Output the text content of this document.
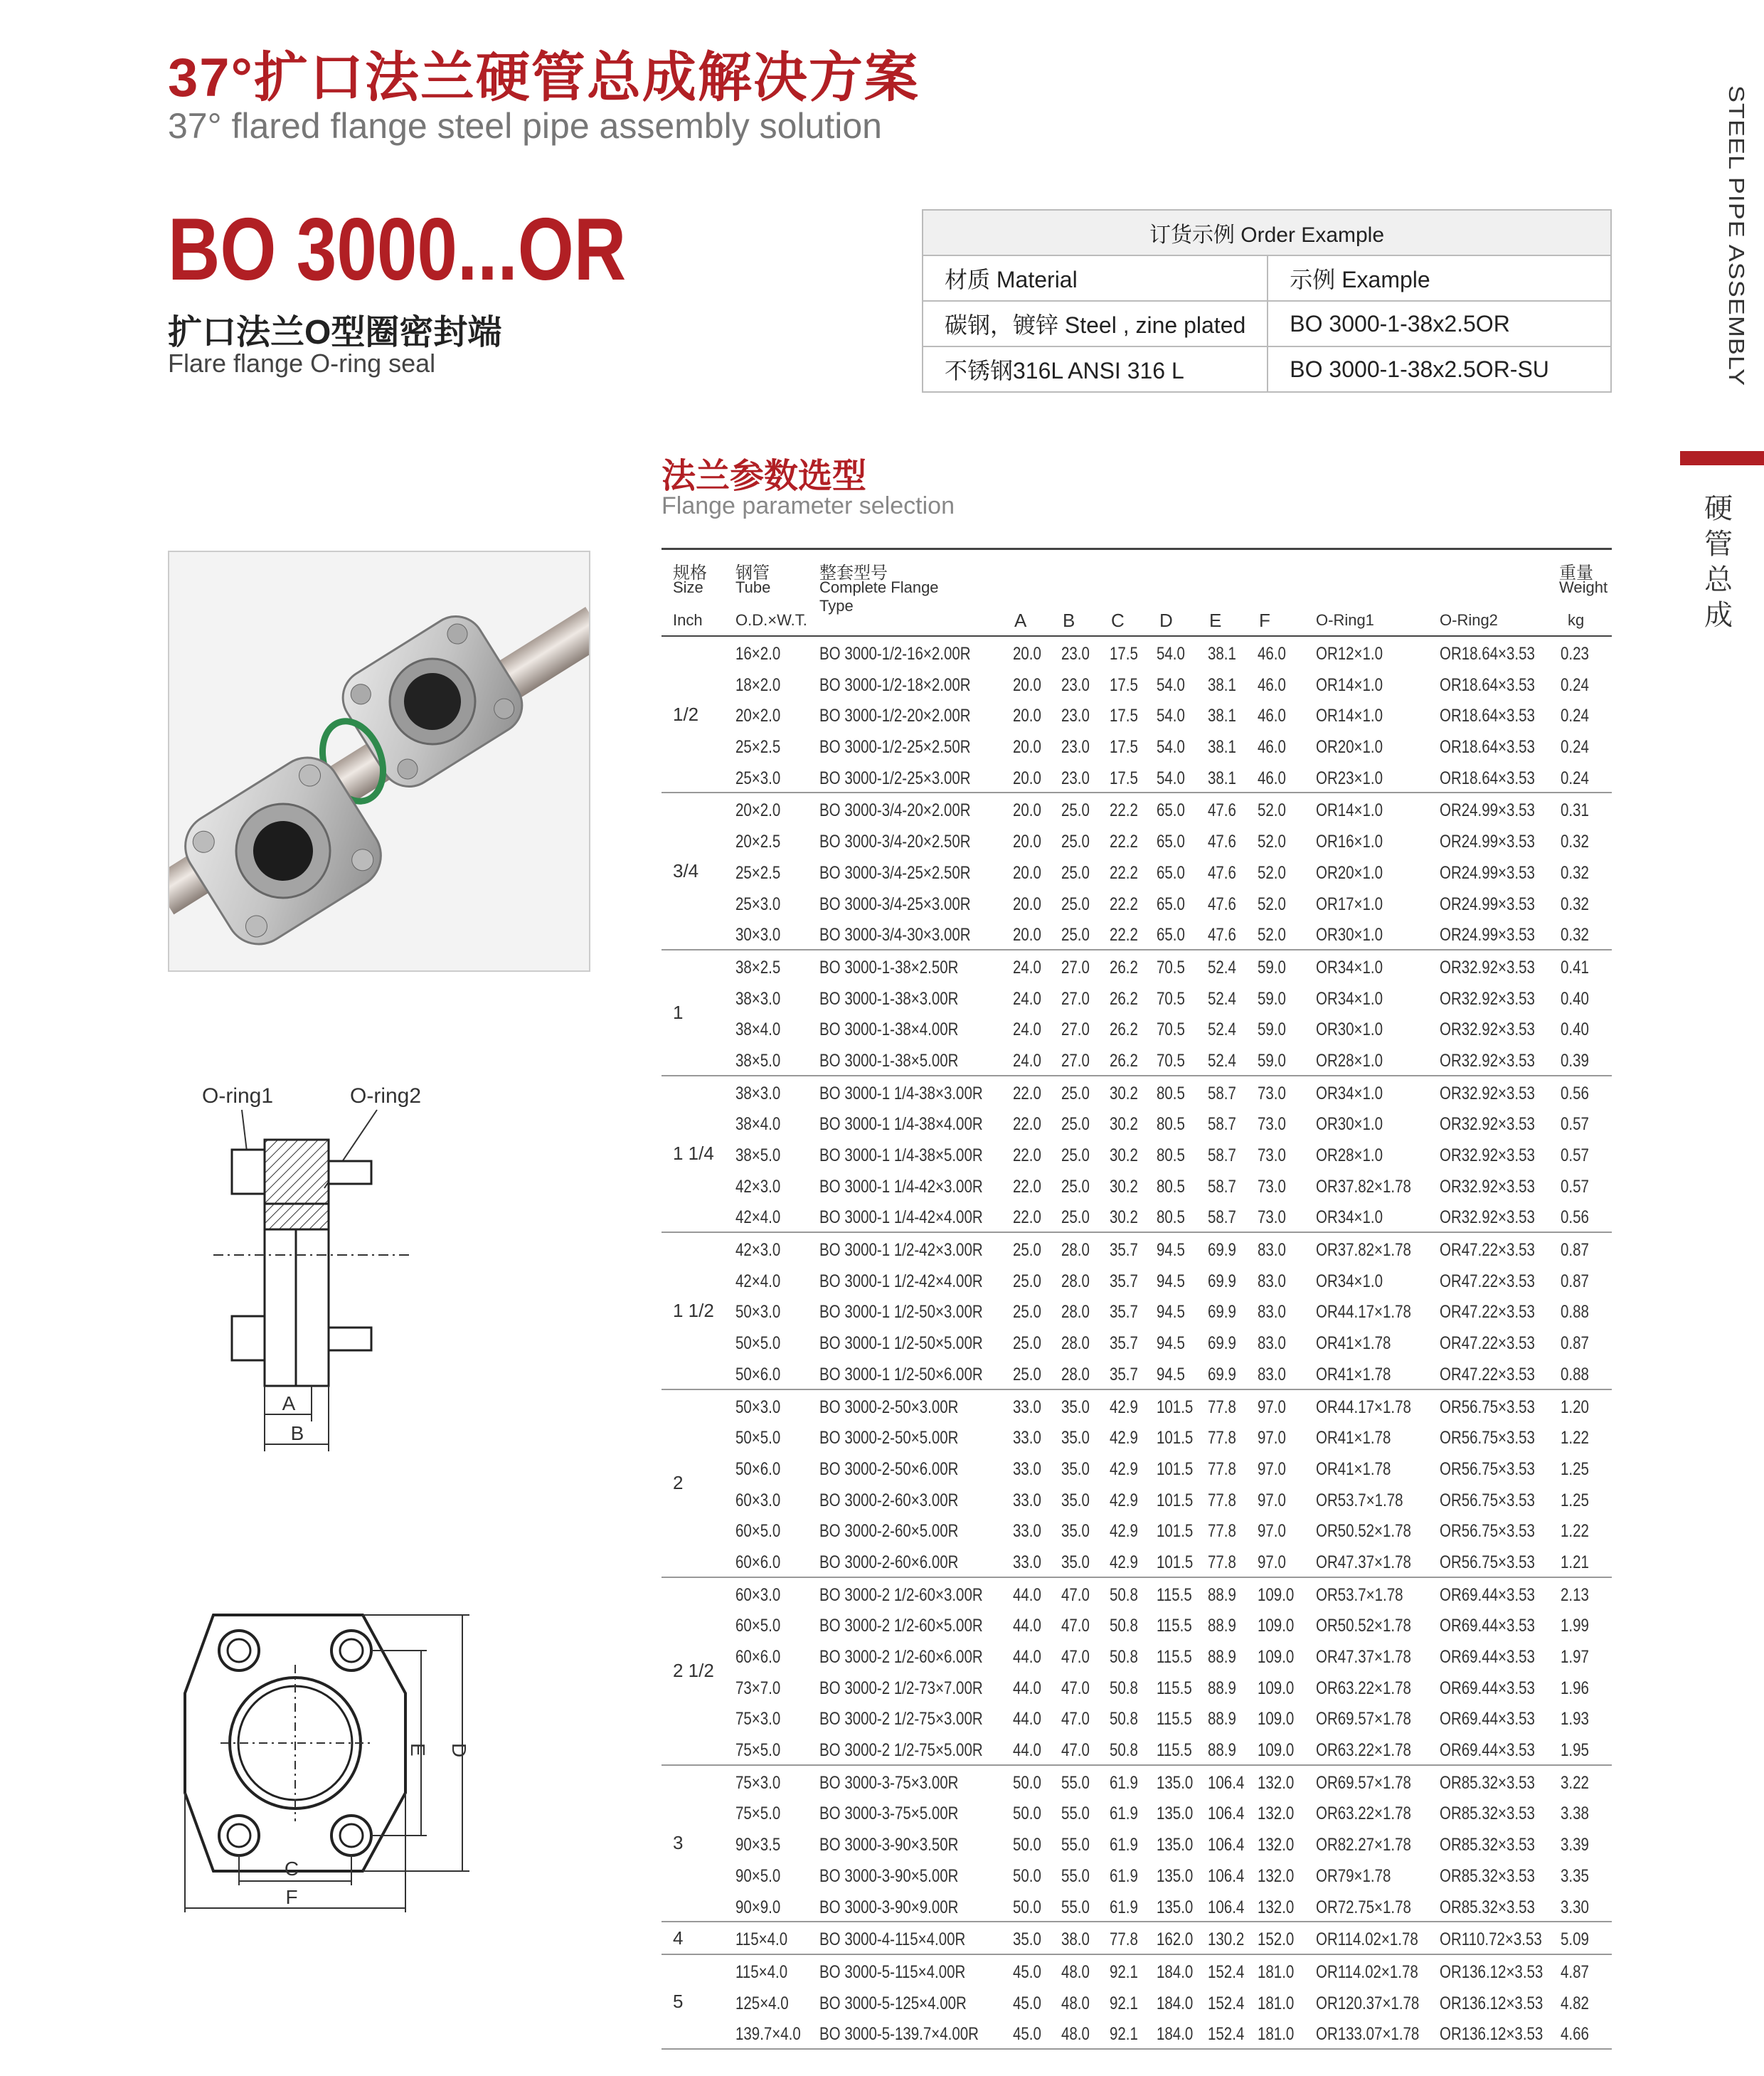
37°扩口法兰硬管总成解决方案
37° flared flange steel pipe assembly solution
BO 3000...OR
扩口法兰O型圈密封端
Flare flange O-ring seal	STEEL PIPE ASSEMBLY
硬管总成
订货示例 Order Example	
材质 Material	示例 Example
碳钢，镀锌 Steel , zine plated	BO 3000-1-38x2.5OR
不锈钢316L ANSI 316 L	BO 3000-1-38x2.5OR-SU
法兰参数选型
Flange parameter selection
规格
Size
Inch
钢管
Tube
O.D.×W.T.
整套型号
Complete Flange
Type
A B C D E F	O-Ring1	O-Ring2
重量
Weight
kg
1/2
16×2.0 BO 3000-1/2-16×2.00R 20.0 23.0 17.5 54.0 38.1 46.0 OR12×1.0	OR18.64×3.53 0.23
18×2.0 BO 3000-1/2-18×2.00R 20.0 23.0 17.5 54.0 38.1 46.0 OR14×1.0	OR18.64×3.53 0.24
20×2.0 BO 3000-1/2-20×2.00R 20.0 23.0 17.5 54.0 38.1 46.0 OR14×1.0	OR18.64×3.53 0.24
25×2.5 BO 3000-1/2-25×2.50R 20.0 23.0 17.5 54.0 38.1 46.0 OR20×1.0	OR18.64×3.53 0.24
25×3.0 BO 3000-1/2-25×3.00R 20.0 23.0 17.5 54.0 38.1 46.0 OR23×1.0	OR18.64×3.53 0.24
3/4
20×2.0 BO 3000-3/4-20×2.00R 20.0 25.0 22.2 65.0 47.6 52.0 OR14×1.0	OR24.99×3.53 0.31
20×2.5 BO 3000-3/4-20×2.50R 20.0 25.0 22.2 65.0 47.6 52.0 OR16×1.0	OR24.99×3.53 0.32
25×2.5 BO 3000-3/4-25×2.50R 20.0 25.0 22.2 65.0 47.6 52.0 OR20×1.0	OR24.99×3.53 0.32
25×3.0 BO 3000-3/4-25×3.00R 20.0 25.0 22.2 65.0 47.6 52.0 OR17×1.0	OR24.99×3.53 0.32
30×3.0 BO 3000-3/4-30×3.00R 20.0 25.0 22.2 65.0 47.6 52.0 OR30×1.0	OR24.99×3.53 0.32
1
38×2.5 BO 3000-1-38×2.50R	24.0 27.0 26.2 70.5 52.4 59.0 OR34×1.0	OR32.92×3.53 0.41
38×3.0 BO 3000-1-38×3.00R	24.0 27.0 26.2 70.5 52.4 59.0 OR34×1.0	OR32.92×3.53 0.40
38×4.0 BO 3000-1-38×4.00R	24.0 27.0 26.2 70.5 52.4 59.0 OR30×1.0	OR32.92×3.53 0.40
38×5.0 BO 3000-1-38×5.00R	24.0 27.0 26.2 70.5 52.4 59.0 OR28×1.0	OR32.92×3.53 0.39
1 1/4
38×3.0 BO 3000-1 1/4-38×3.00R 22.0 25.0 30.2 80.5 58.7 73.0 OR34×1.0	OR32.92×3.53 0.56
38×4.0 BO 3000-1 1/4-38×4.00R 22.0 25.0 30.2 80.5 58.7 73.0 OR30×1.0	OR32.92×3.53 0.57
38×5.0 BO 3000-1 1/4-38×5.00R 22.0 25.0 30.2 80.5 58.7 73.0 OR28×1.0	OR32.92×3.53 0.57
42×3.0 BO 3000-1 1/4-42×3.00R 22.0 25.0 30.2 80.5 58.7 73.0 OR37.82×1.78 OR32.92×3.53 0.57
42×4.0 BO 3000-1 1/4-42×4.00R 22.0 25.0 30.2 80.5 58.7 73.0 OR34×1.0	OR32.92×3.53 0.56
1 1/2
42×3.0 BO 3000-1 1/2-42×3.00R 25.0 28.0 35.7 94.5 69.9 83.0 OR37.82×1.78 OR47.22×3.53 0.87
42×4.0 BO 3000-1 1/2-42×4.00R 25.0 28.0 35.7 94.5 69.9 83.0 OR34×1.0	OR47.22×3.53 0.87
50×3.0 BO 3000-1 1/2-50×3.00R 25.0 28.0 35.7 94.5 69.9 83.0 OR44.17×1.78 OR47.22×3.53 0.88
50×5.0 BO 3000-1 1/2-50×5.00R 25.0 28.0 35.7 94.5 69.9 83.0 OR41×1.78	OR47.22×3.53 0.87
50×6.0 BO 3000-1 1/2-50×6.00R 25.0 28.0 35.7 94.5 69.9 83.0 OR41×1.78	OR47.22×3.53 0.88
2
50×3.0 BO 3000-2-50×3.00R	33.0 35.0 42.9 101.5 77.8 97.0 OR44.17×1.78 OR56.75×3.53 1.20
50×5.0 BO 3000-2-50×5.00R	33.0 35.0 42.9 101.5 77.8 97.0 OR41×1.78	OR56.75×3.53 1.22
50×6.0 BO 3000-2-50×6.00R	33.0 35.0 42.9 101.5 77.8 97.0 OR41×1.78	OR56.75×3.53 1.25
60×3.0 BO 3000-2-60×3.00R	33.0 35.0 42.9 101.5 77.8 97.0 OR53.7×1.78 OR56.75×3.53 1.25
60×5.0 BO 3000-2-60×5.00R	33.0 35.0 42.9 101.5 77.8 97.0 OR50.52×1.78 OR56.75×3.53 1.22
60×6.0 BO 3000-2-60×6.00R	33.0 35.0 42.9 101.5 77.8 97.0 OR47.37×1.78 OR56.75×3.53 1.21
2 1/2
60×3.0 BO 3000-2 1/2-60×3.00R 44.0 47.0 50.8 115.5 88.9 109.0 OR53.7×1.78 OR69.44×3.53 2.13
60×5.0 BO 3000-2 1/2-60×5.00R 44.0 47.0 50.8 115.5 88.9 109.0 OR50.52×1.78 OR69.44×3.53 1.99
60×6.0 BO 3000-2 1/2-60×6.00R 44.0 47.0 50.8 115.5 88.9 109.0 OR47.37×1.78 OR69.44×3.53 1.97
73×7.0 BO 3000-2 1/2-73×7.00R 44.0 47.0 50.8 115.5 88.9 109.0 OR63.22×1.78 OR69.44×3.53 1.96
75×3.0 BO 3000-2 1/2-75×3.00R 44.0 47.0 50.8 115.5 88.9 109.0 OR69.57×1.78 OR69.44×3.53 1.93
75×5.0 BO 3000-2 1/2-75×5.00R 44.0 47.0 50.8 115.5 88.9 109.0 OR63.22×1.78 OR69.44×3.53 1.95
3
75×3.0 BO 3000-3-75×3.00R	50.0 55.0 61.9 135.0 106.4 132.0 OR69.57×1.78 OR85.32×3.53 3.22
75×5.0 BO 3000-3-75×5.00R	50.0 55.0 61.9 135.0 106.4 132.0 OR63.22×1.78 OR85.32×3.53 3.38
90×3.5 BO 3000-3-90×3.50R	50.0 55.0 61.9 135.0 106.4 132.0 OR82.27×1.78 OR85.32×3.53 3.39
90×5.0 BO 3000-3-90×5.00R	50.0 55.0 61.9 135.0 106.4 132.0 OR79×1.78	OR85.32×3.53 3.35
90×9.0 BO 3000-3-90×9.00R	50.0 55.0 61.9 135.0 106.4 132.0 OR72.75×1.78 OR85.32×3.53 3.30
4	115×4.0 BO 3000-4-115×4.00R	35.0 38.0 77.8 162.0 130.2 152.0 OR114.02×1.78 OR110.72×3.53 5.09
5
115×4.0 BO 3000-5-115×4.00R	45.0 48.0 92.1 184.0 152.4 181.0 OR114.02×1.78 OR136.12×3.53 4.87
125×4.0 BO 3000-5-125×4.00R	45.0 48.0 92.1 184.0 152.4 181.0 OR120.37×1.78 OR136.12×3.53 4.82
139.7×4.0 BO 3000-5-139.7×4.00R 45.0 48.0 92.1 184.0 152.4 181.0 OR133.07×1.78 OR136.12×3.53 4.66
O-ring1	O-ring2
A
B
E D
C
F
